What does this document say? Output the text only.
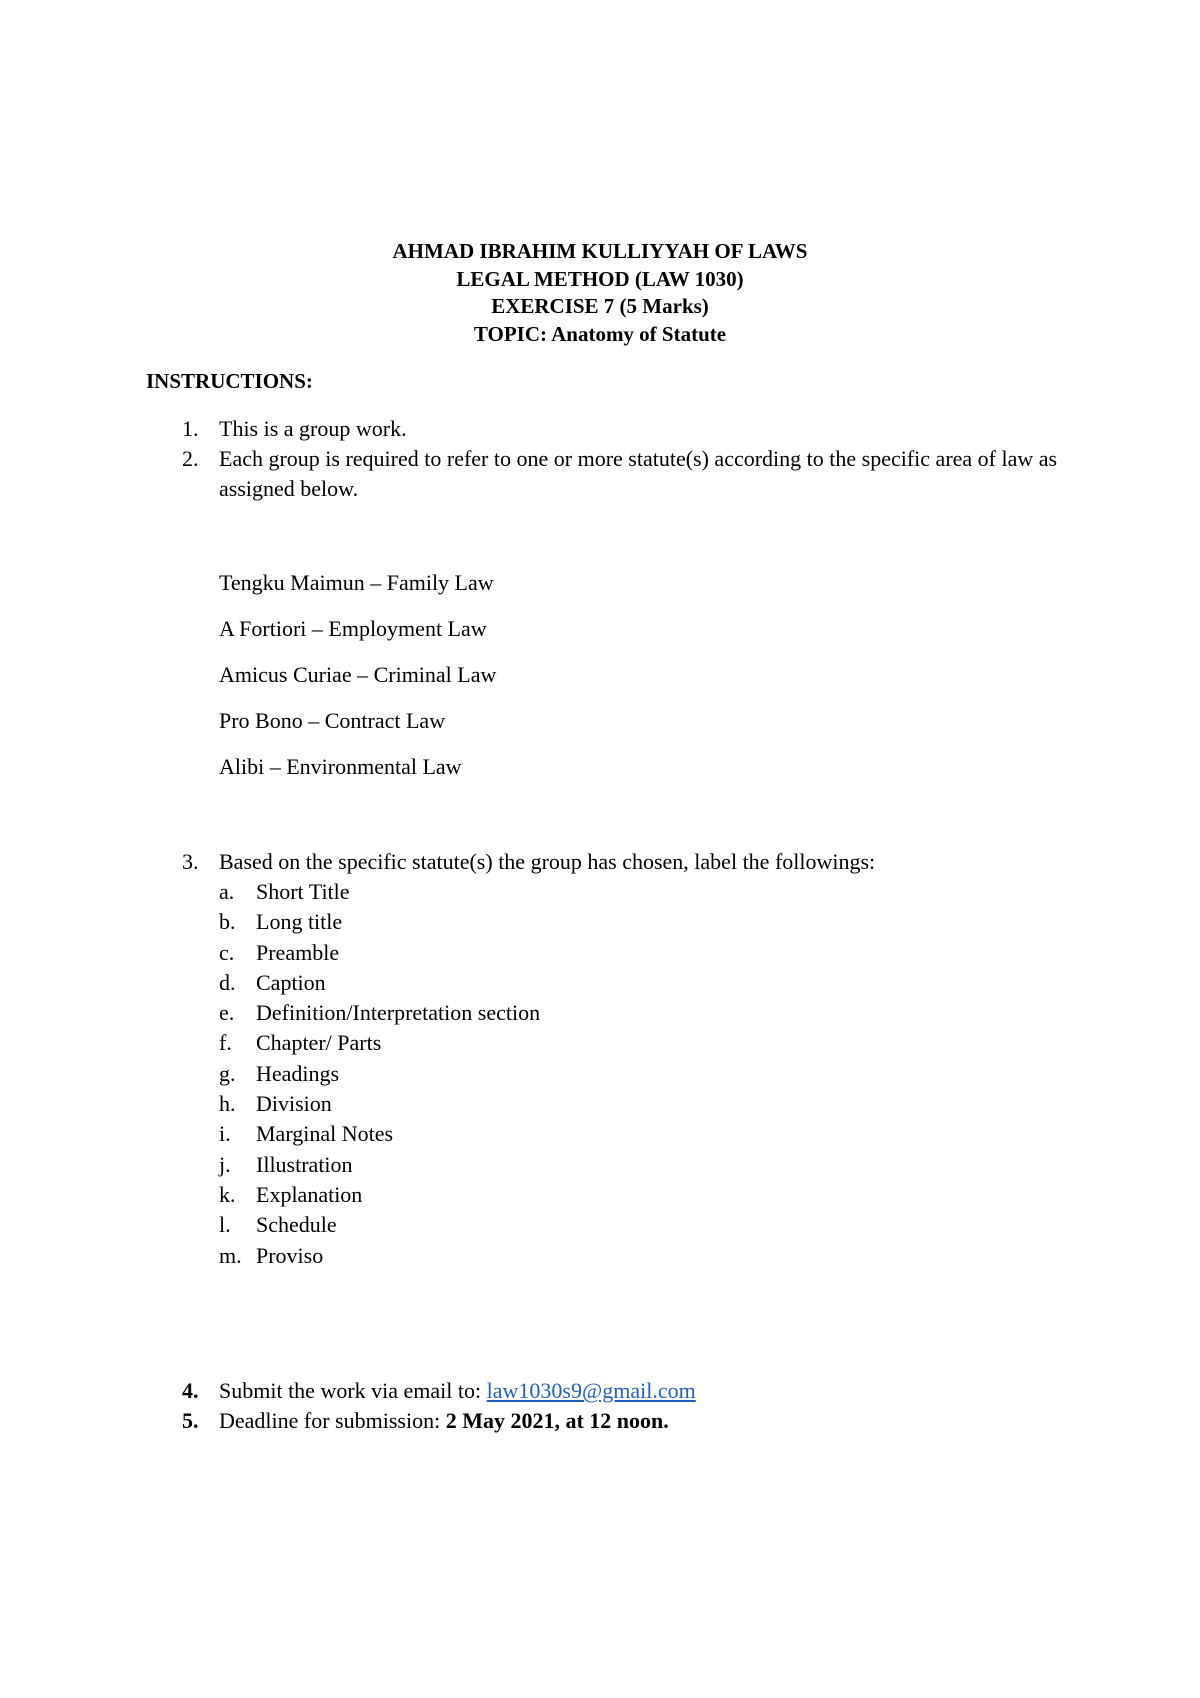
AHMAD IBRAHIM KULLIYYAH OF LAWS
LEGAL METHOD (LAW 1030)
EXERCISE 7 (5 Marks)
TOPIC: Anatomy of Statute
INSTRUCTIONS:
1. This is a group work.
2. Each group is required to refer to one or more statute(s) according to the specific area of law as assigned below.
Tengku Maimun – Family Law
A Fortiori – Employment Law
Amicus Curiae – Criminal Law
Pro Bono – Contract Law
Alibi – Environmental Law
3. Based on the specific statute(s) the group has chosen, label the followings:
a. Short Title
b. Long title
c. Preamble
d. Caption
e. Definition/Interpretation section
f. Chapter/ Parts
g. Headings
h. Division
i. Marginal Notes
j. Illustration
k. Explanation
l. Schedule
m. Proviso
4. Submit the work via email to: law1030s9@gmail.com
5. Deadline for submission: 2 May 2021, at 12 noon.
